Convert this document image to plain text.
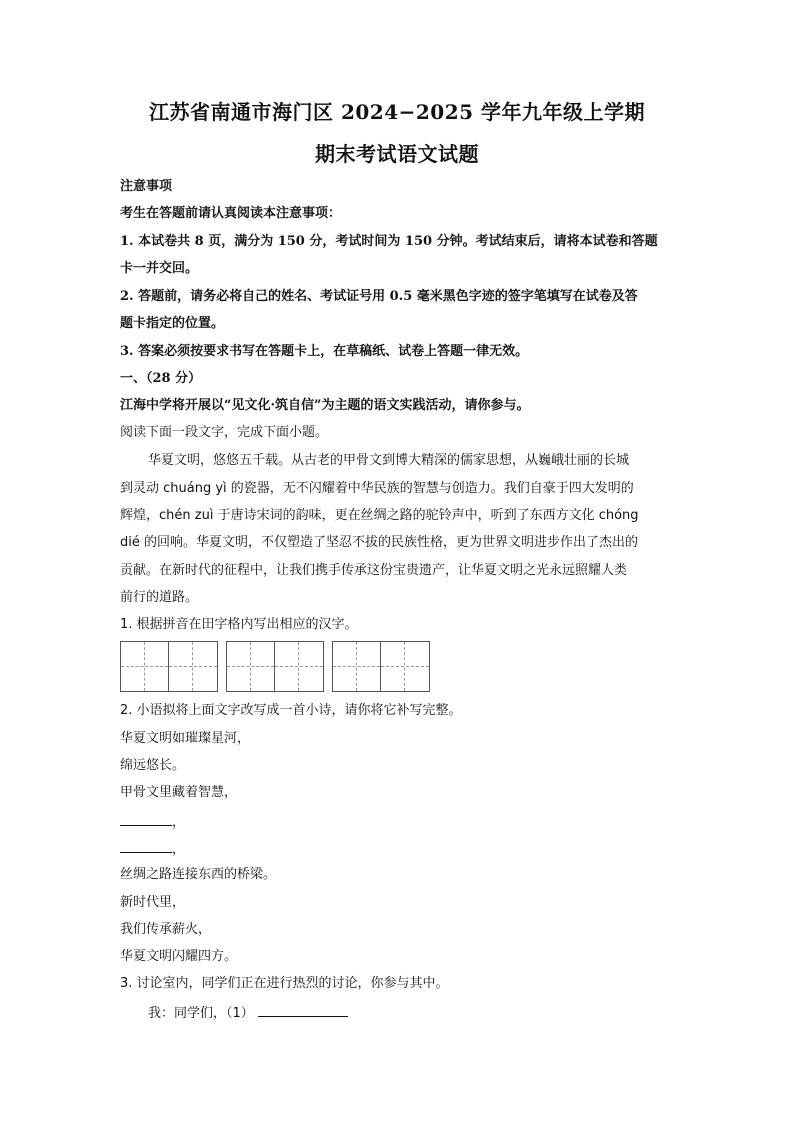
江苏省南通市海门区 2024−2025 学年九年级上学期
期末考试语文试题
注意事项
考生在答题前请认真阅读本注意事项：
1. 本试卷共 8 页，满分为 150 分，考试时间为 150 分钟。考试结束后，请将本试卷和答题
卡一并交回。
2. 答题前，请务必将自己的姓名、考试证号用 0.5 毫米黑色字迹的签字笔填写在试卷及答
题卡指定的位置。
3. 答案必须按要求书写在答题卡上，在草稿纸、试卷上答题一律无效。
一、（28 分）
江海中学将开展以“见文化·筑自信”为主题的语文实践活动，请你参与。
阅读下面一段文字，完成下面小题。
华夏文明，悠悠五千载。从古老的甲骨文到博大精深的儒家思想，从巍峨壮丽的长城
到灵动 chuáng yì 的瓷器，无不闪耀着中华民族的智慧与创造力。我们自豪于四大发明的
辉煌，chén zuì 于唐诗宋词的韵味，更在丝绸之路的驼铃声中，听到了东西方文化 chóng
dié 的回响。华夏文明，不仅塑造了坚忍不拔的民族性格，更为世界文明进步作出了杰出的
贡献。在新时代的征程中，让我们携手传承这份宝贵遗产，让华夏文明之光永远照耀人类
前行的道路。
1. 根据拼音在田字格内写出相应的汉字。
2. 小语拟将上面文字改写成一首小诗，请你将它补写完整。
华夏文明如璀璨星河，
绵远悠长。
甲骨文里藏着智慧，
，
，
丝绸之路连接东西的桥梁。
新时代里，
我们传承薪火，
华夏文明闪耀四方。
3. 讨论室内，同学们正在进行热烈的讨论，你参与其中。
我：同学们，（1）
